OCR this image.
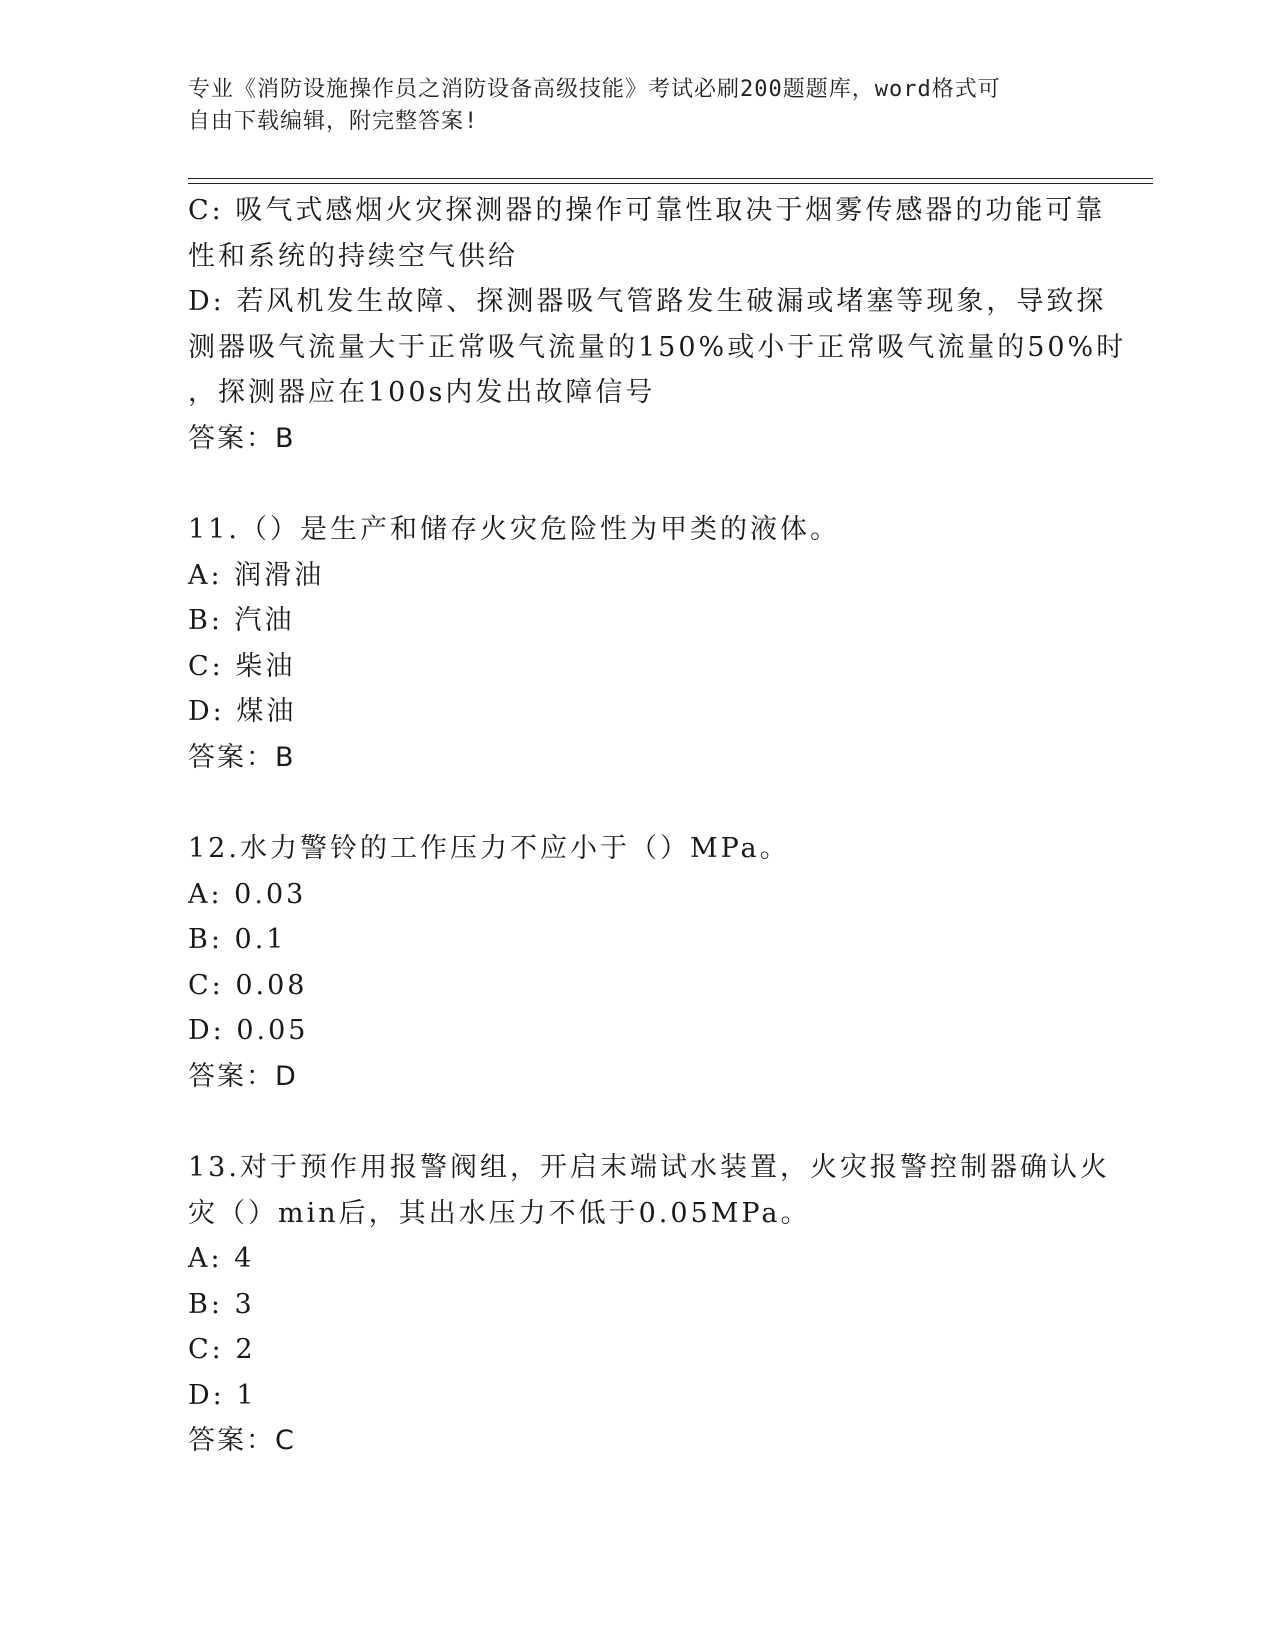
专业《消防设施操作员之消防设备高级技能》考试必刷200题题库，word格式可
自由下载编辑，附完整答案!
C: 吸气式感烟火灾探测器的操作可靠性取决于烟雾传感器的功能可靠
性和系统的持续空气供给
D: 若风机发生故障、探测器吸气管路发生破漏或堵塞等现象，导致探
测器吸气流量大于正常吸气流量的150%或小于正常吸气流量的50%时
，探测器应在100s内发出故障信号
答案：B
11.（）是生产和储存火灾危险性为甲类的液体。
A: 润滑油
B: 汽油
C: 柴油
D: 煤油
答案：B
12.水力警铃的工作压力不应小于（）MPa。
A: 0.03
B: 0.1
C: 0.08
D: 0.05
答案：D
13.对于预作用报警阀组，开启末端试水装置，火灾报警控制器确认火
灾（）min后，其出水压力不低于0.05MPa。
A: 4
B: 3
C: 2
D: 1
答案：C
